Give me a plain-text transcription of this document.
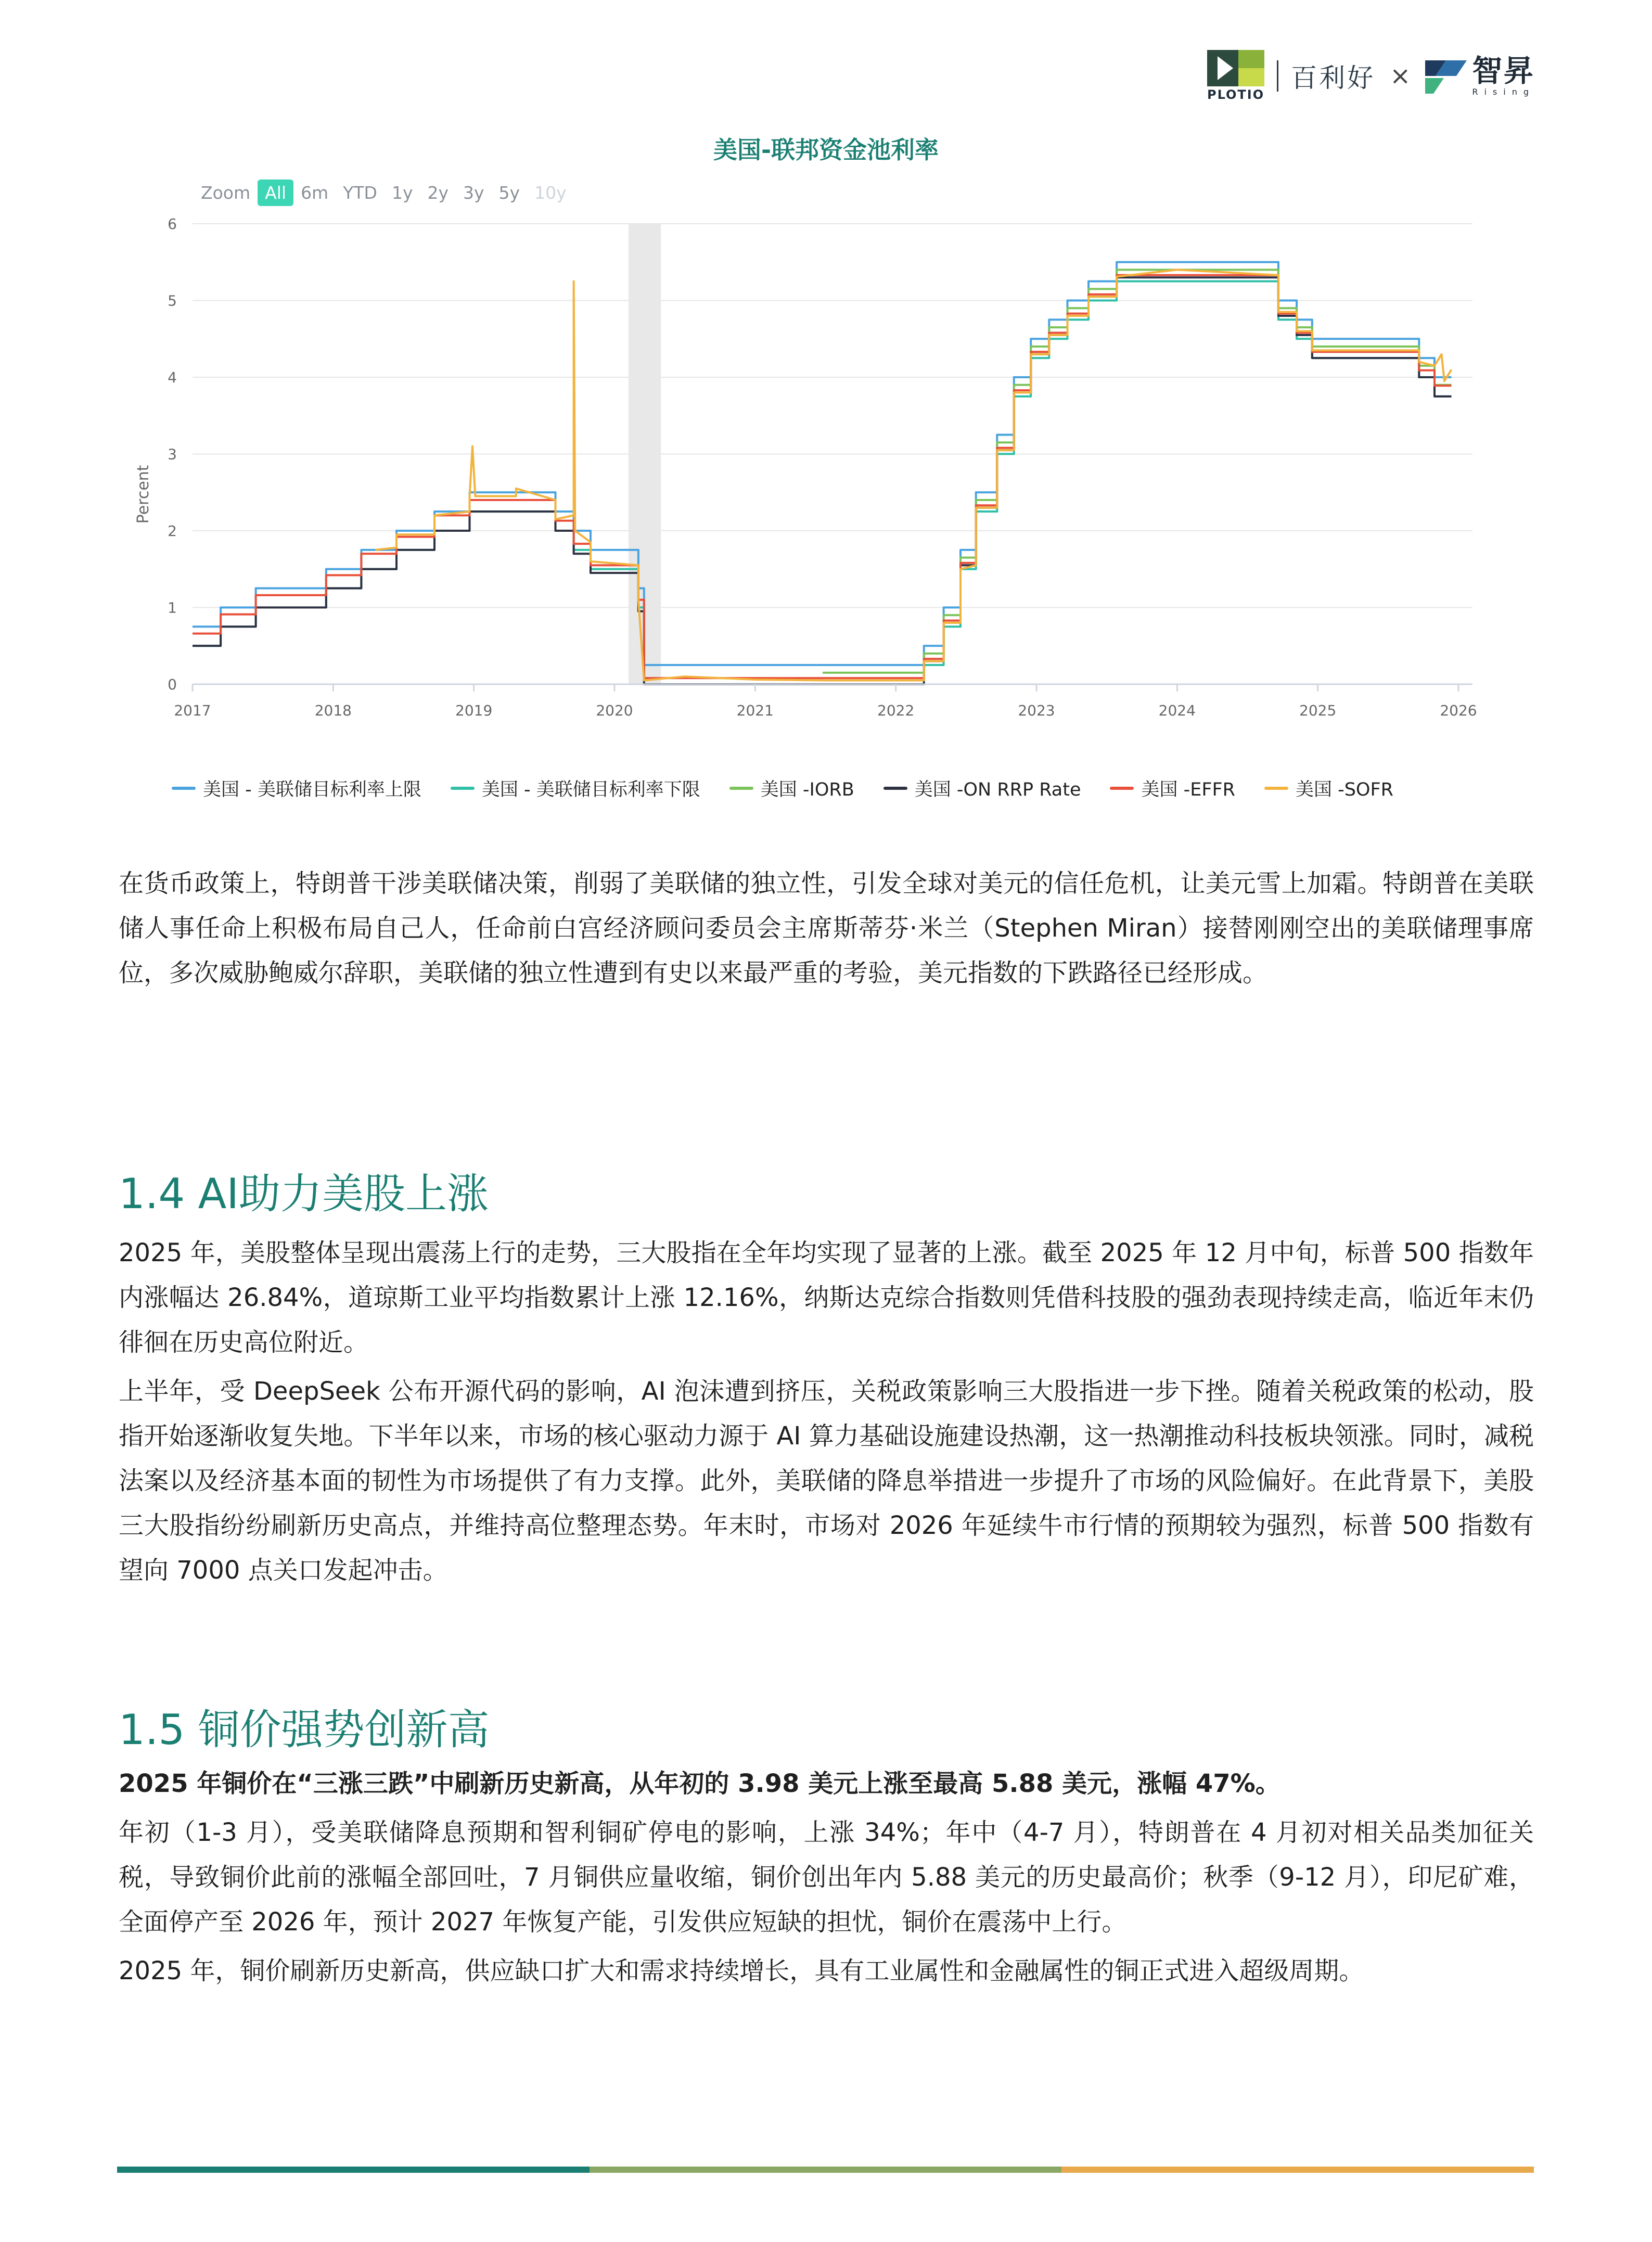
PLOTIO
百利好 × 智昇
Rising
美国-联邦资金池利率
Zoom All 6m YTD 1y 2y 3y 5y 10y
0
1
2
3
4
5
6
2017	2018	2019	2020	2021	2022	2023	2024	2025	2026
Percent
美国 - 美联储目标利率上限	美国 - 美联储目标利率下限	美国 -IORB	美国 -ON RRP Rate	美国 -EFFR	美国 -SOFR

在货币政策上，特朗普干涉美联储决策，削弱了美联储的独立性，引发全球对美元的信任危机，让美元雪上加霜。特朗普在美联储人事任命上积极布局自己人，任命前白宫经济顾问委员会主席斯蒂芬·米兰（Stephen Miran）接替刚刚空出的美联储理事席位，多次威胁鲍威尔辞职，美联储的独立性遭到有史以来最严重的考验，美元指数的下跌路径已经形成。

1.4 AI助力美股上涨

2025 年，美股整体呈现出震荡上行的走势，三大股指在全年均实现了显著的上涨。截至 2025 年 12 月中旬，标普 500 指数年内涨幅达 26.84%，道琼斯工业平均指数累计上涨 12.16%，纳斯达克综合指数则凭借科技股的强劲表现持续走高，临近年末仍徘徊在历史高位附近。

上半年，受 DeepSeek 公布开源代码的影响，AI 泡沫遭到挤压，关税政策影响三大股指进一步下挫。随着关税政策的松动，股指开始逐渐收复失地。下半年以来，市场的核心驱动力源于 AI 算力基础设施建设热潮，这一热潮推动科技板块领涨。同时，减税法案以及经济基本面的韧性为市场提供了有力支撑。此外，美联储的降息举措进一步提升了市场的风险偏好。在此背景下，美股三大股指纷纷刷新历史高点，并维持高位整理态势。年末时，市场对 2026 年延续牛市行情的预期较为强烈，标普 500 指数有望向 7000 点关口发起冲击。

1.5 铜价强势创新高

2025 年铜价在“三涨三跌”中刷新历史新高，从年初的 3.98 美元上涨至最高 5.88 美元，涨幅 47%。

年初（1-3 月），受美联储降息预期和智利铜矿停电的影响，上涨 34%；年中（4-7 月），特朗普在 4 月初对相关品类加征关税，导致铜价此前的涨幅全部回吐，7 月铜供应量收缩，铜价创出年内 5.88 美元的历史最高价；秋季（9-12 月），印尼矿难，全面停产至 2026 年，预计 2027 年恢复产能，引发供应短缺的担忧，铜价在震荡中上行。

2025 年，铜价刷新历史新高，供应缺口扩大和需求持续增长，具有工业属性和金融属性的铜正式进入超级周期。
